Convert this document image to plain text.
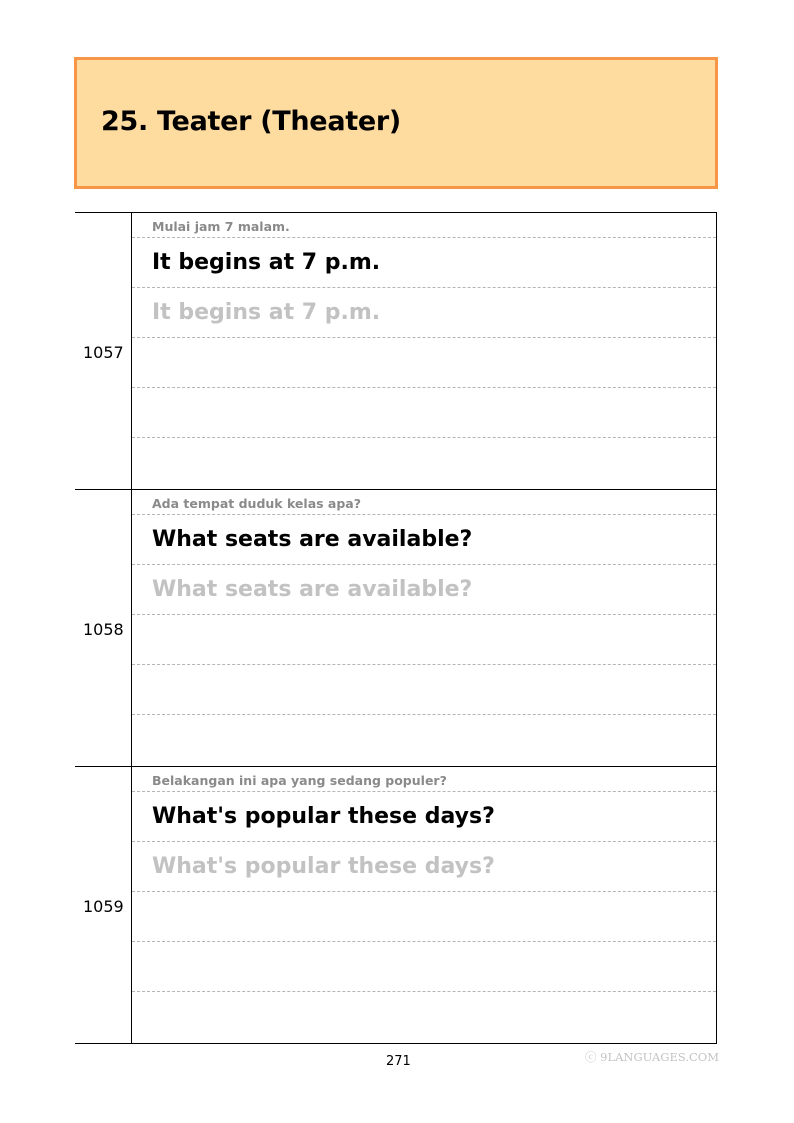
25. Teater (Theater)
1057
Mulai jam 7 malam.
It begins at 7 p.m.
It begins at 7 p.m.
1058
Ada tempat duduk kelas apa?
What seats are available?
What seats are available?
1059
Belakangan ini apa yang sedang populer?
What's popular these days?
What's popular these days?
271	ⓒ 9LANGUAGES.COM
